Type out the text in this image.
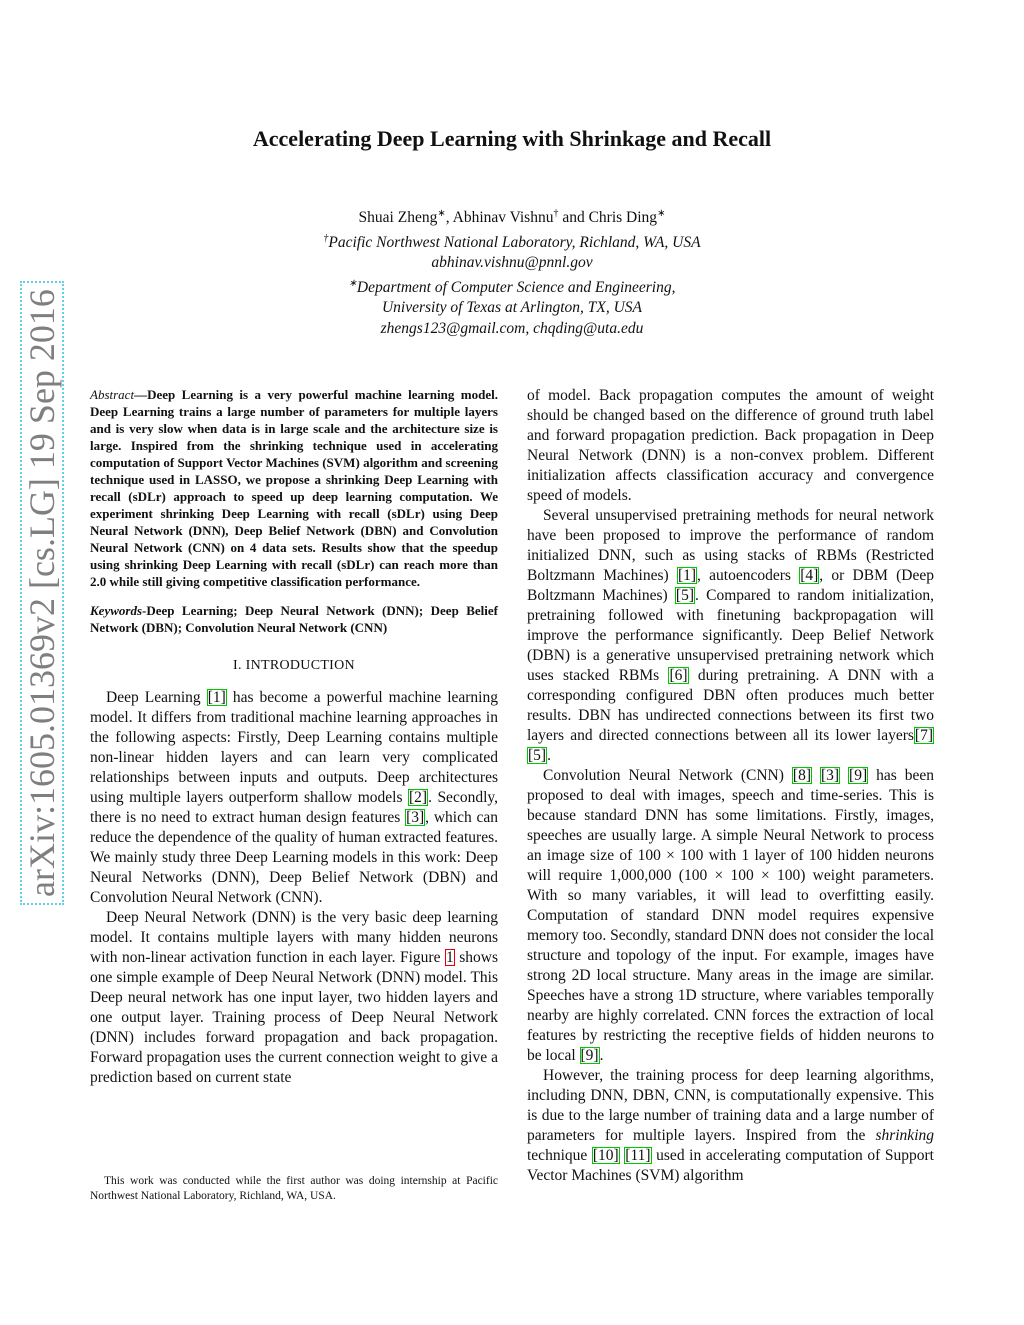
arXiv:1605.01369v2 [cs.LG] 19 Sep 2016
Accelerating Deep Learning with Shrinkage and Recall
Shuai Zheng∗, Abhinav Vishnu† and Chris Ding∗
†Pacific Northwest National Laboratory, Richland, WA, USA
abhinav.vishnu@pnnl.gov
∗Department of Computer Science and Engineering,
University of Texas at Arlington, TX, USA
zhengs123@gmail.com, chqding@uta.edu

Abstract—Deep Learning is a very powerful machine learning model. Deep Learning trains a large number of parameters for multiple layers and is very slow when data is in large scale and the architecture size is large. Inspired from the shrinking technique used in accelerating computation of Support Vector Machines (SVM) algorithm and screening technique used in LASSO, we propose a shrinking Deep Learning with recall (sDLr) approach to speed up deep learning computation. We experiment shrinking Deep Learning with recall (sDLr) using Deep Neural Network (DNN), Deep Belief Network (DBN) and Convolution Neural Network (CNN) on 4 data sets. Results show that the speedup using shrinking Deep Learning with recall (sDLr) can reach more than 2.0 while still giving competitive classification performance.

Keywords-Deep Learning; Deep Neural Network (DNN); Deep Belief Network (DBN); Convolution Neural Network (CNN)

I. INTRODUCTION

Deep Learning [1] has become a powerful machine learning model. It differs from traditional machine learning approaches in the following aspects: Firstly, Deep Learning contains multiple non-linear hidden layers and can learn very complicated relationships between inputs and outputs. Deep architectures using multiple layers outperform shallow models [2]. Secondly, there is no need to extract human design features [3], which can reduce the dependence of the quality of human extracted features. We mainly study three Deep Learning models in this work: Deep Neural Networks (DNN), Deep Belief Network (DBN) and Convolution Neural Network (CNN).

Deep Neural Network (DNN) is the very basic deep learning model. It contains multiple layers with many hidden neurons with non-linear activation function in each layer. Figure 1 shows one simple example of Deep Neural Network (DNN) model. This Deep neural network has one input layer, two hidden layers and one output layer. Training process of Deep Neural Network (DNN) includes forward propagation and back propagation. Forward propagation uses the current connection weight to give a prediction based on current state

This work was conducted while the first author was doing internship at Pacific Northwest National Laboratory, Richland, WA, USA.

of model. Back propagation computes the amount of weight should be changed based on the difference of ground truth label and forward propagation prediction. Back propagation in Deep Neural Network (DNN) is a non-convex problem. Different initialization affects classification accuracy and convergence speed of models.

Several unsupervised pretraining methods for neural network have been proposed to improve the performance of random initialized DNN, such as using stacks of RBMs (Restricted Boltzmann Machines) [1], autoencoders [4], or DBM (Deep Boltzmann Machines) [5]. Compared to random initialization, pretraining followed with finetuning backpropagation will improve the performance significantly. Deep Belief Network (DBN) is a generative unsupervised pretraining network which uses stacked RBMs [6] during pretraining. A DNN with a corresponding configured DBN often produces much better results. DBN has undirected connections between its first two layers and directed connections between all its lower layers[7] [5].

Convolution Neural Network (CNN) [8] [3] [9] has been proposed to deal with images, speech and time-series. This is because standard DNN has some limitations. Firstly, images, speeches are usually large. A simple Neural Network to process an image size of 100 × 100 with 1 layer of 100 hidden neurons will require 1,000,000 (100 × 100 × 100) weight parameters. With so many variables, it will lead to overfitting easily. Computation of standard DNN model requires expensive memory too. Secondly, standard DNN does not consider the local structure and topology of the input. For example, images have strong 2D local structure. Many areas in the image are similar. Speeches have a strong 1D structure, where variables temporally nearby are highly correlated. CNN forces the extraction of local features by restricting the receptive fields of hidden neurons to be local [9].

However, the training process for deep learning algorithms, including DNN, DBN, CNN, is computationally expensive. This is due to the large number of training data and a large number of parameters for multiple layers. Inspired from the shrinking technique [10] [11] used in accelerating computation of Support Vector Machines (SVM) algorithm
